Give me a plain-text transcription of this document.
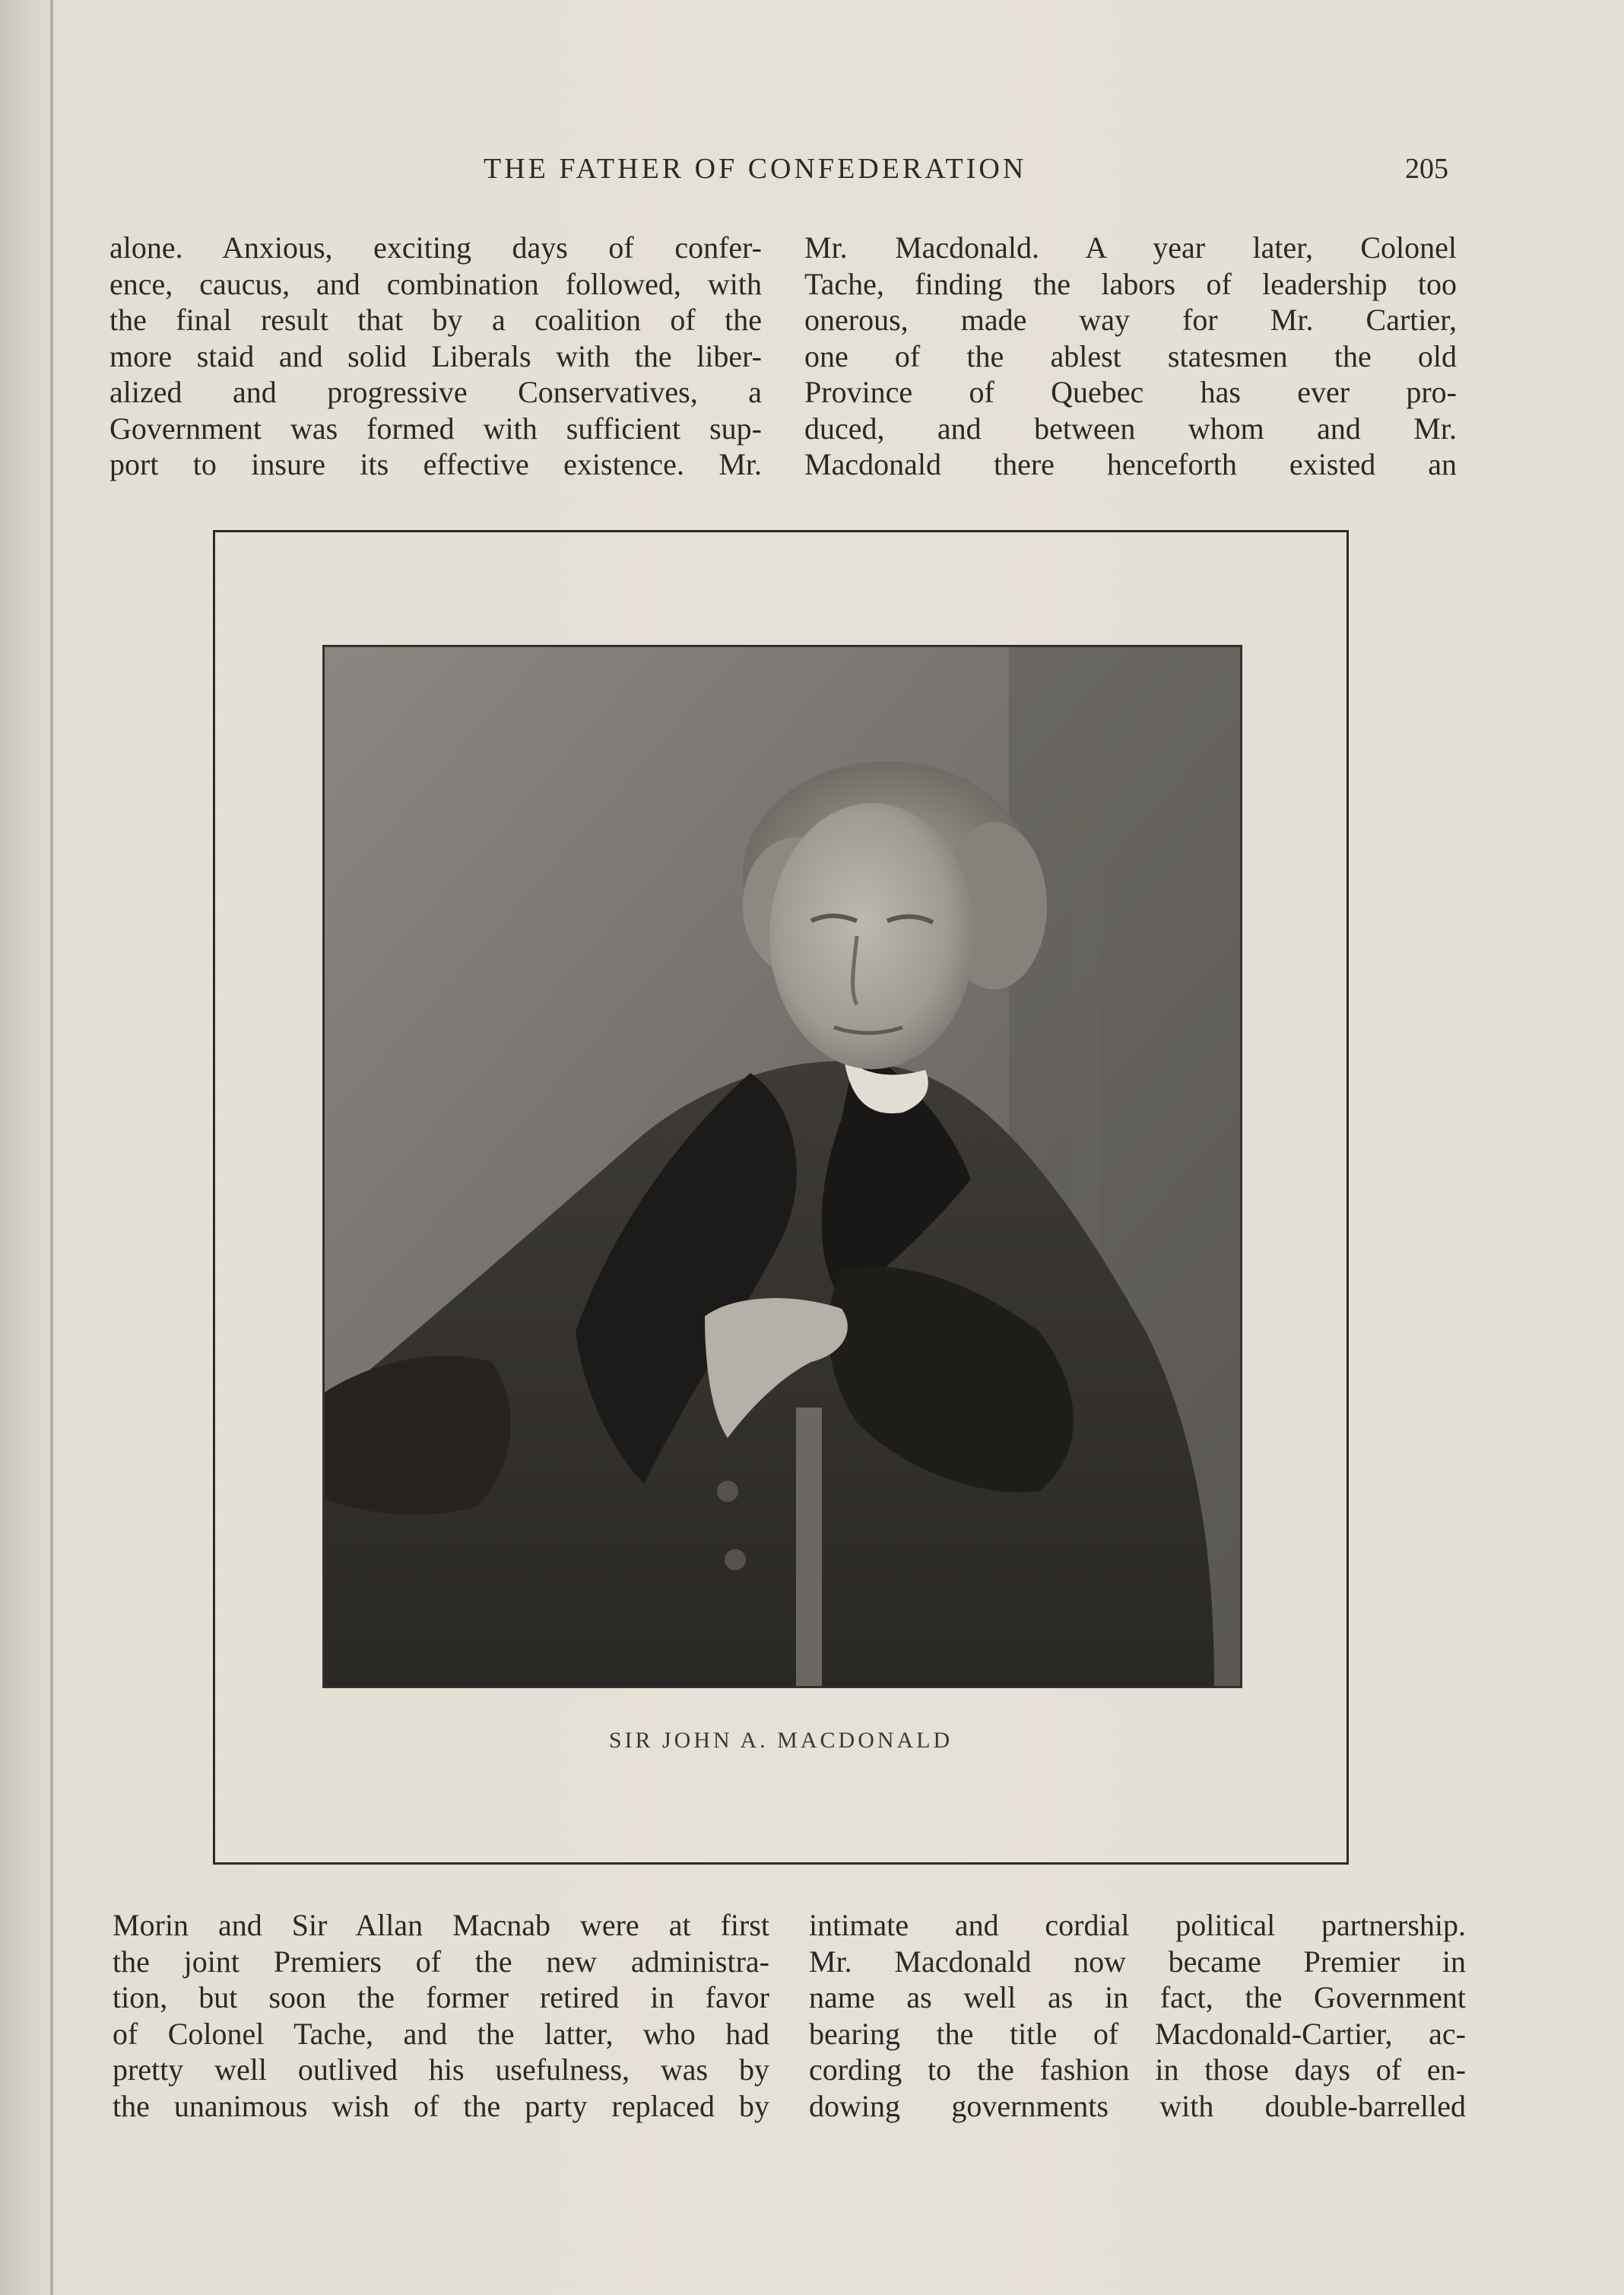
THE FATHER OF CONFEDERATION	205
alone. Anxious, exciting days of confer-
ence, caucus, and combination followed, with
the final result that by a coalition of the
more staid and solid Liberals with the liber-
alized and progressive Conservatives, a
Government was formed with sufficient sup-
port to insure its effective existence. Mr.
Mr. Macdonald. A year later, Colonel
Tache, finding the labors of leadership too
onerous, made way for Mr. Cartier,
one of the ablest statesmen the old
Province of Quebec has ever pro-
duced, and between whom and Mr.
Macdonald there henceforth existed an
SIR JOHN A. MACDONALD
Morin and Sir Allan Macnab were at first
the joint Premiers of the new administra-
tion, but soon the former retired in favor
of Colonel Tache, and the latter, who had
pretty well outlived his usefulness, was by
the unanimous wish of the party replaced by
intimate and cordial political partnership.
Mr. Macdonald now became Premier in
name as well as in fact, the Government
bearing the title of Macdonald-Cartier, ac-
cording to the fashion in those days of en-
dowing governments with double-barrelled
